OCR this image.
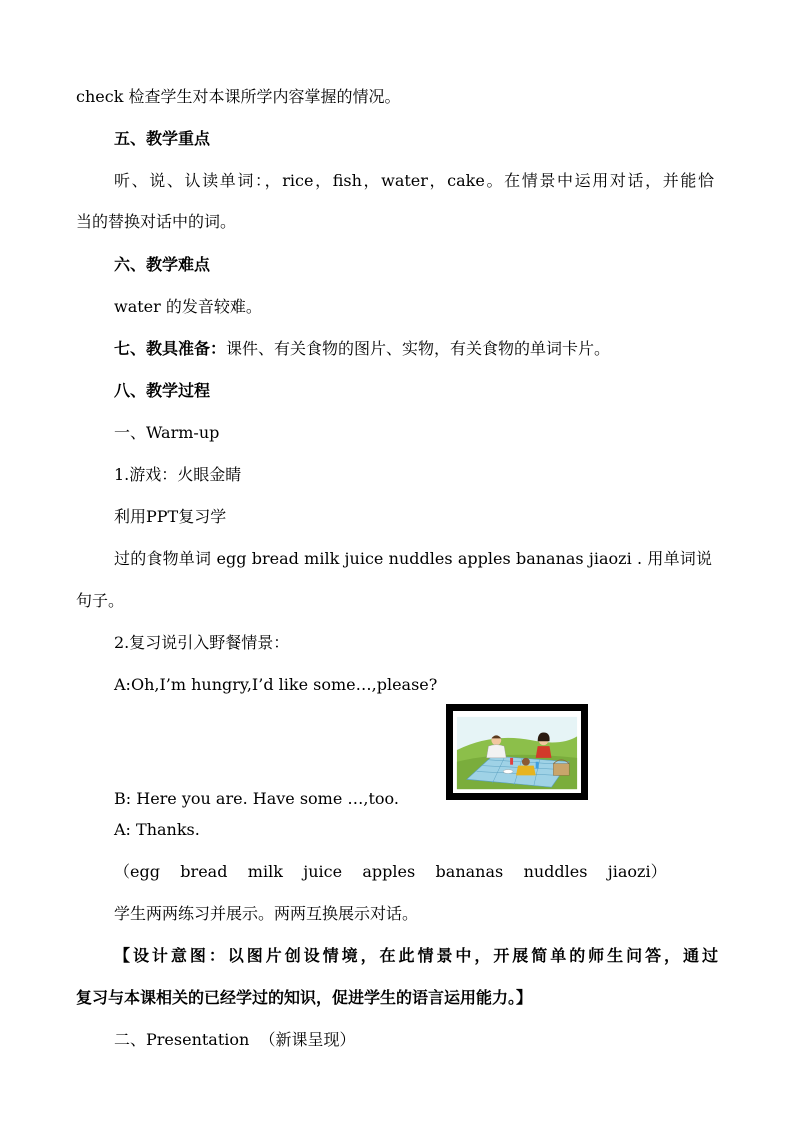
check 检查学生对本课所学内容掌握的情况。
五、教学重点
听、说、认读单词：，rice，fish，water，cake。在情景中运用对话，并能恰
当的替换对话中的词。
六、教学难点
water 的发音较难。
七、教具准备：课件、有关食物的图片、实物，有关食物的单词卡片。
八、教学过程
一、Warm-up
1.游戏：火眼金睛
利用PPT复习学
过的食物单词 egg bread milk juice nuddles apples bananas jiaozi . 用单词说
句子。
2.复习说引入野餐情景：
A:Oh,I’m hungry,I’d like some…,please?
B: Here you are. Have some …,too.
A: Thanks.
（egg    bread    milk    juice    apples    bananas    nuddles    jiaozi）
学生两两练习并展示。两两互换展示对话。
【设计意图：以图片创设情境，在此情景中，开展简单的师生问答，通过
复习与本课相关的已经学过的知识，促进学生的语言运用能力。】
二、Presentation  （新课呈现）
